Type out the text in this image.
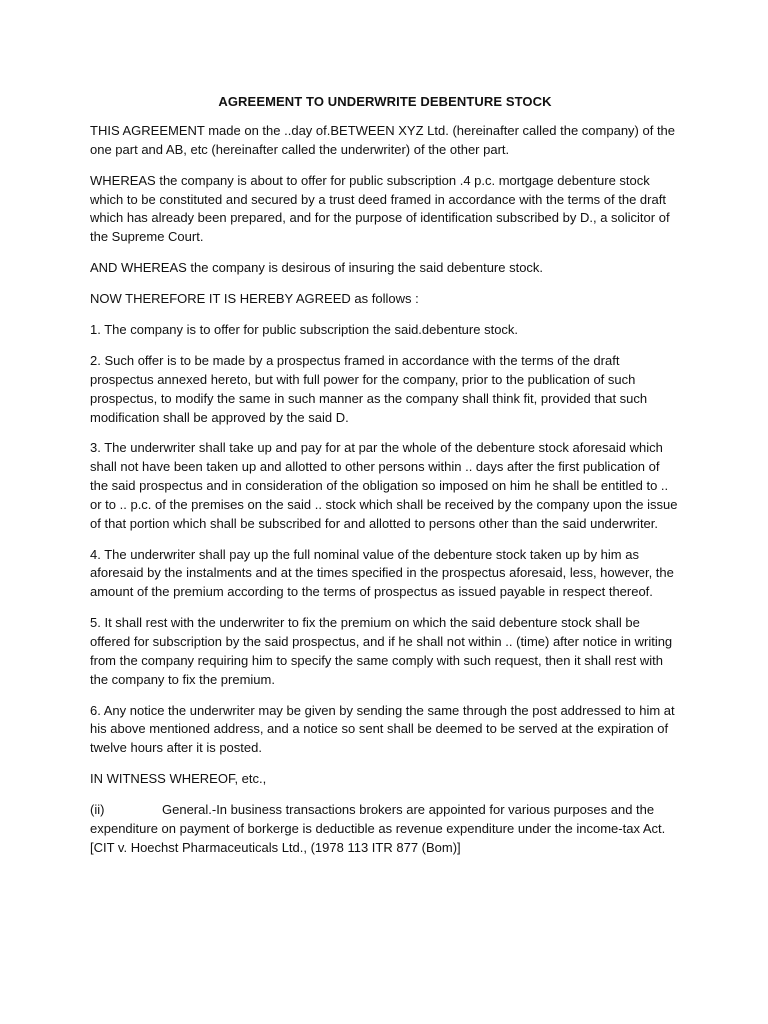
AGREEMENT TO UNDERWRITE DEBENTURE STOCK

THIS AGREEMENT made on the ..day of.BETWEEN XYZ Ltd. (hereinafter called the company) of the one part and AB, etc (hereinafter called the underwriter) of the other part.

WHEREAS the company is about to offer for public subscription .4 p.c. mortgage debenture stock which to be constituted and secured by a trust deed framed in accordance with the terms of the draft which has already been prepared, and for the purpose of identification subscribed by D., a solicitor of the Supreme Court.

AND WHEREAS the company is desirous of insuring the said debenture stock.

NOW THEREFORE IT IS HEREBY AGREED as follows :

1. The company is to offer for public subscription the said.debenture stock.

2. Such offer is to be made by a prospectus framed in accordance with the terms of the draft prospectus annexed hereto, but with full power for the company, prior to the publication of such prospectus, to modify the same in such manner as the company shall think fit, provided that such modification shall be approved by the said D.

3. The underwriter shall take up and pay for at par the whole of the debenture stock aforesaid which shall not have been taken up and allotted to other persons within .. days after the first publication of the said prospectus and in consideration of the obligation so imposed on him he shall be entitled to .. or to .. p.c. of the premises on the said .. stock which shall be received by the company upon the issue of that portion which shall be subscribed for and allotted to persons other than the said underwriter.

4. The underwriter shall pay up the full nominal value of the debenture stock taken up by him as aforesaid by the instalments and at the times specified in the prospectus aforesaid, less, however, the amount of the premium according to the terms of prospectus as issued payable in respect thereof.

5. It shall rest with the underwriter to fix the premium on which the said debenture stock shall be offered for subscription by the said prospectus, and if he shall not within .. (time) after notice in writing from the company requiring him to specify the same comply with such request, then it shall rest with the company to fix the premium.

6. Any notice the underwriter may be given by sending the same through the post addressed to him at his above mentioned address, and a notice so sent shall be deemed to be served at the expiration of twelve hours after it is posted.

IN WITNESS WHEREOF, etc.,

(ii)	General.-In business transactions brokers are appointed for various purposes and the expenditure on payment of borkerge is deductible as revenue expenditure under the income-tax Act. [CIT v. Hoechst Pharmaceuticals Ltd., (1978 113 ITR 877 (Bom)]
